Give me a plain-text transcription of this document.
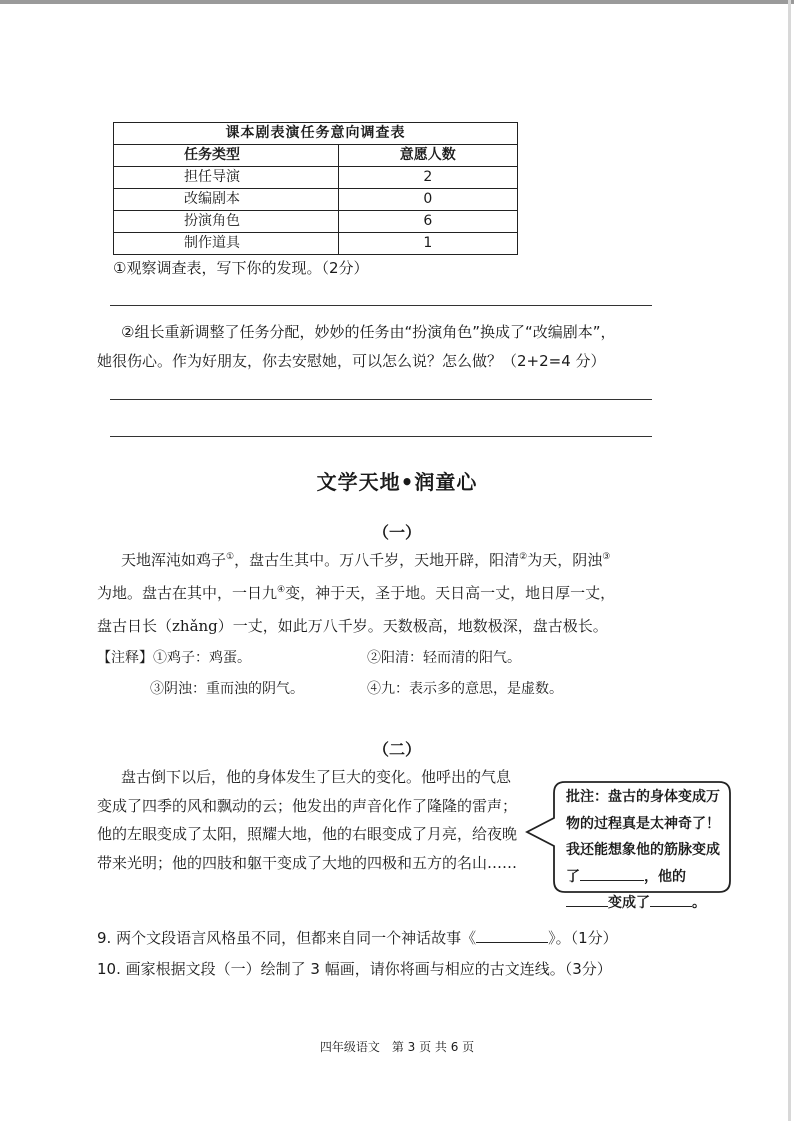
课本剧表演任务意向调查表	
任务类型	意愿人数
担任导演	2
改编剧本	0
扮演角色	6
制作道具	1
①观察调查表，写下你的发现。（2分）
②组长重新调整了任务分配，妙妙的任务由“扮演角色”换成了“改编剧本”，
她很伤心。作为好朋友，你去安慰她，可以怎么说？怎么做？（2+2=4 分）
文学天地•润童心
（一）
天地浑沌如鸡子①，盘古生其中。万八千岁，天地开辟，阳清②为天，阴浊③
为地。盘古在其中，一日九④变，神于天，圣于地。天日高一丈，地日厚一丈，
盘古日长（zhǎng）一丈，如此万八千岁。天数极高，地数极深，盘古极长。
【注释】①鸡子：鸡蛋。	②阳清：轻而清的阳气。
③阴浊：重而浊的阴气。	④九：表示多的意思，是虚数。
（二）
盘古倒下以后，他的身体发生了巨大的变化。他呼出的气息变成了四季的风和飘动的云；他发出的声音化作了隆隆的雷声；他的左眼变成了太阳，照耀大地，他的右眼变成了月亮，给夜晚带来光明；他的四肢和躯干变成了大地的四极和五方的名山……
批注：盘古的身体变成万物的过程真是太神奇了！我还能想象他的筋脉变成了	，他的变成了	。
9. 两个文段语言风格虽不同，但都来自同一个神话故事《	》。（1分）
10. 画家根据文段（一）绘制了 3 幅画，请你将画与相应的古文连线。（3分）
四年级语文　第 3 页 共 6 页
